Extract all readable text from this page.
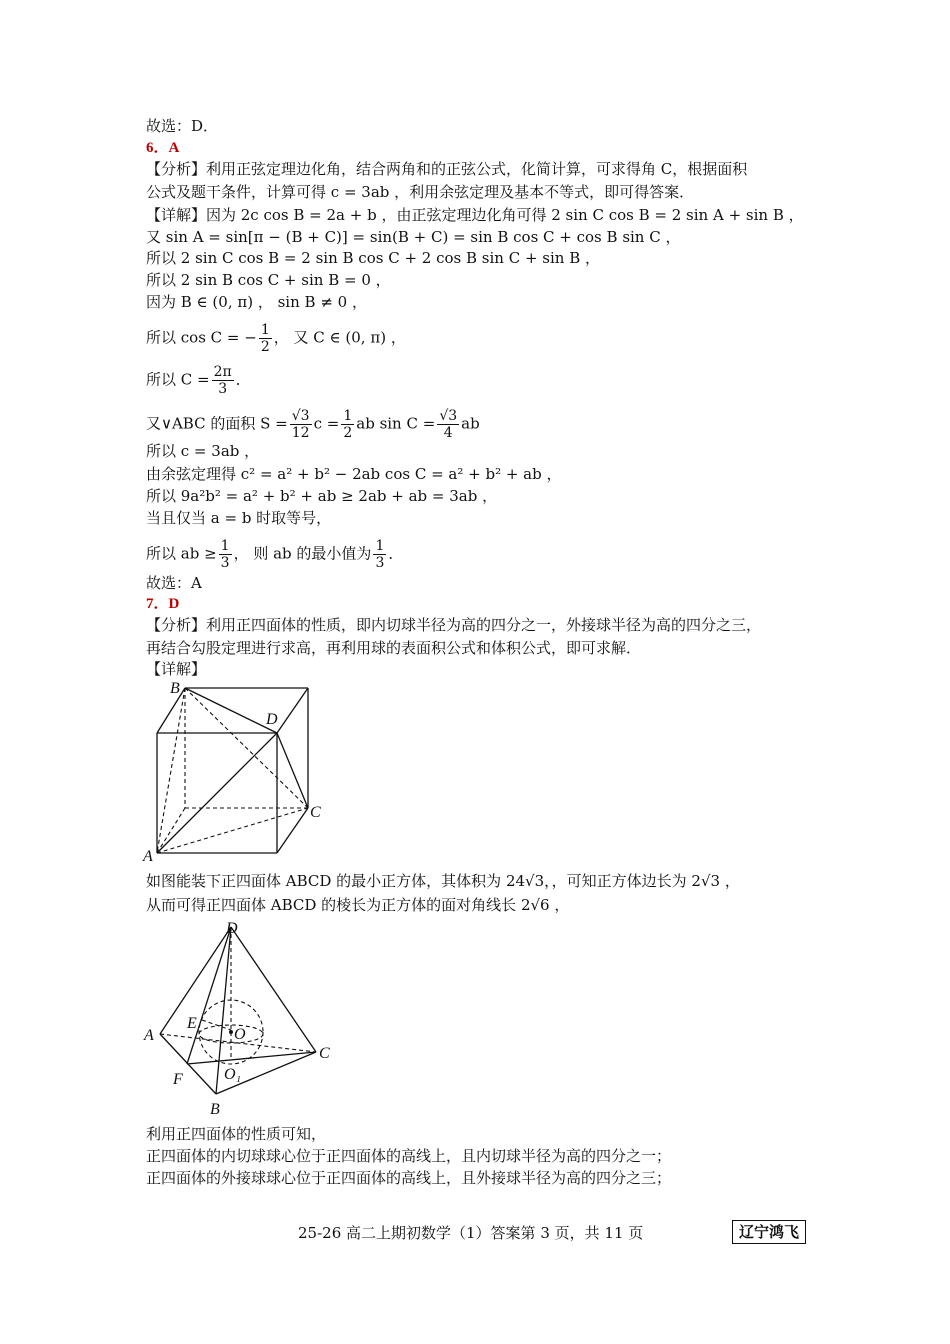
故选：D．
6．A
【分析】利用正弦定理边化角，结合两角和的正弦公式，化简计算，可求得角 C，根据面积
公式及题干条件，计算可得 c = 3ab ，利用余弦定理及基本不等式，即可得答案．
【详解】因为 2c cos B = 2a + b ，由正弦定理边化角可得 2 sin C cos B = 2 sin A + sin B ，
又 sin A = sin[π − (B + C)] = sin(B + C) = sin B cos C + cos B sin C ，
所以 2 sin C cos B = 2 sin B cos C + 2 cos B sin C + sin B ，
所以 2 sin B cos C + sin B = 0 ，
因为 B ∈ (0, π) ， sin B ≠ 0 ，
所以 cos C = − $\frac{1}{2}$ ， 又 C ∈ (0, π) ，
所以 $C = \frac{2\pi}{3}$ ．
又∨ABC 的面积 $S = \frac{√3}{12}$ $c = \frac{1}{2}$ ab $\sin C = \frac{√3}{4}$ ab
所以 c = 3ab ，
由余弦定理得 c² = a² + b² − 2ab cos C = a² + b² + ab ，
所以 9a²b² = a² + b² + ab ≥ 2ab + ab = 3ab ，
当且仅当 a = b 时取等号，
所以 ab ≥ $\frac{1}{3}$ ， 则 ab 的最小值为 $\frac{1}{3}$ ．
故选：A
7．D
【分析】利用正四面体的性质，即内切球半径为高的四分之一，外接球半径为高的四分之三，
再结合勾股定理进行求高，再利用球的表面积公式和体积公式，即可求解．
【详解】
B
D
C
A
如图能装下正四面体 ABCD 的最小正方体，其体积为 24√3，，可知正方体边长为 2√3 ，
从而可得正四面体 ABCD 的棱长为正方体的面对角线长 2√6 ，
E
O
D
A
C
F	O₁
B
利用正四面体的性质可知，
正四面体的内切球球心位于正四面体的高线上，且内切球半径为高的四分之一；
正四面体的外接球球心位于正四面体的高线上，且外接球半径为高的四分之三；
25-26 高二上期初数学（1）答案第 3 页，共 11 页	辽宁鸿飞
